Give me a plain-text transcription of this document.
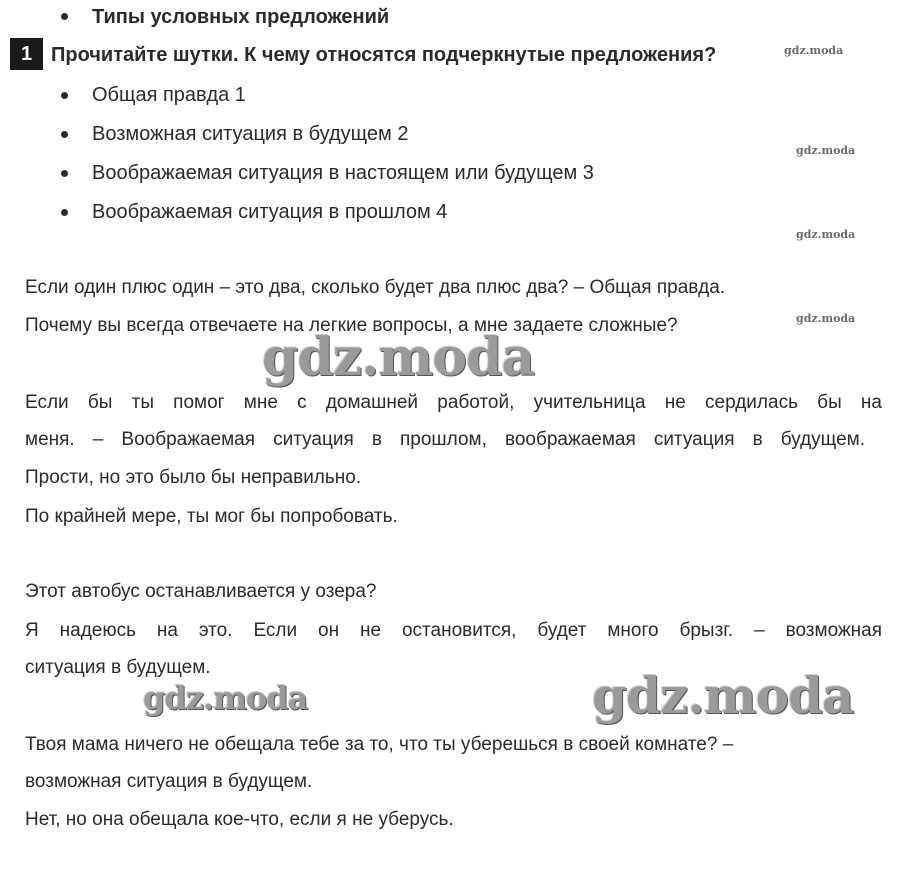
Типы условных предложений
1 Прочитайте шутки. К чему относятся подчеркнутые предложения?
Общая правда 1
Возможная ситуация в будущем 2
Воображаемая ситуация в настоящем или будущем 3
Воображаемая ситуация в прошлом 4
Если один плюс один – это два, сколько будет два плюс два? – Общая правда.
Почему вы всегда отвечаете на легкие вопросы, а мне задаете сложные?
Если бы ты помог мне с домашней работой, учительница не сердилась бы на
меня. – Воображаемая ситуация в прошлом, воображаемая ситуация в будущем.
Прости, но это было бы неправильно.
По крайней мере, ты мог бы попробовать.
Этот автобус останавливается у озера?
Я надеюсь на это. Если он не остановится, будет много брызг. – возможная
ситуация в будущем.
Твоя мама ничего не обещала тебе за то, что ты уберешься в своей комнате? –
возможная ситуация в будущем.
Нет, но она обещала кое-что, если я не уберусь.
gdz.moda
gdz.moda
gdz.moda
gdz.moda
gdz.moda
gdz.moda	gdz.moda
